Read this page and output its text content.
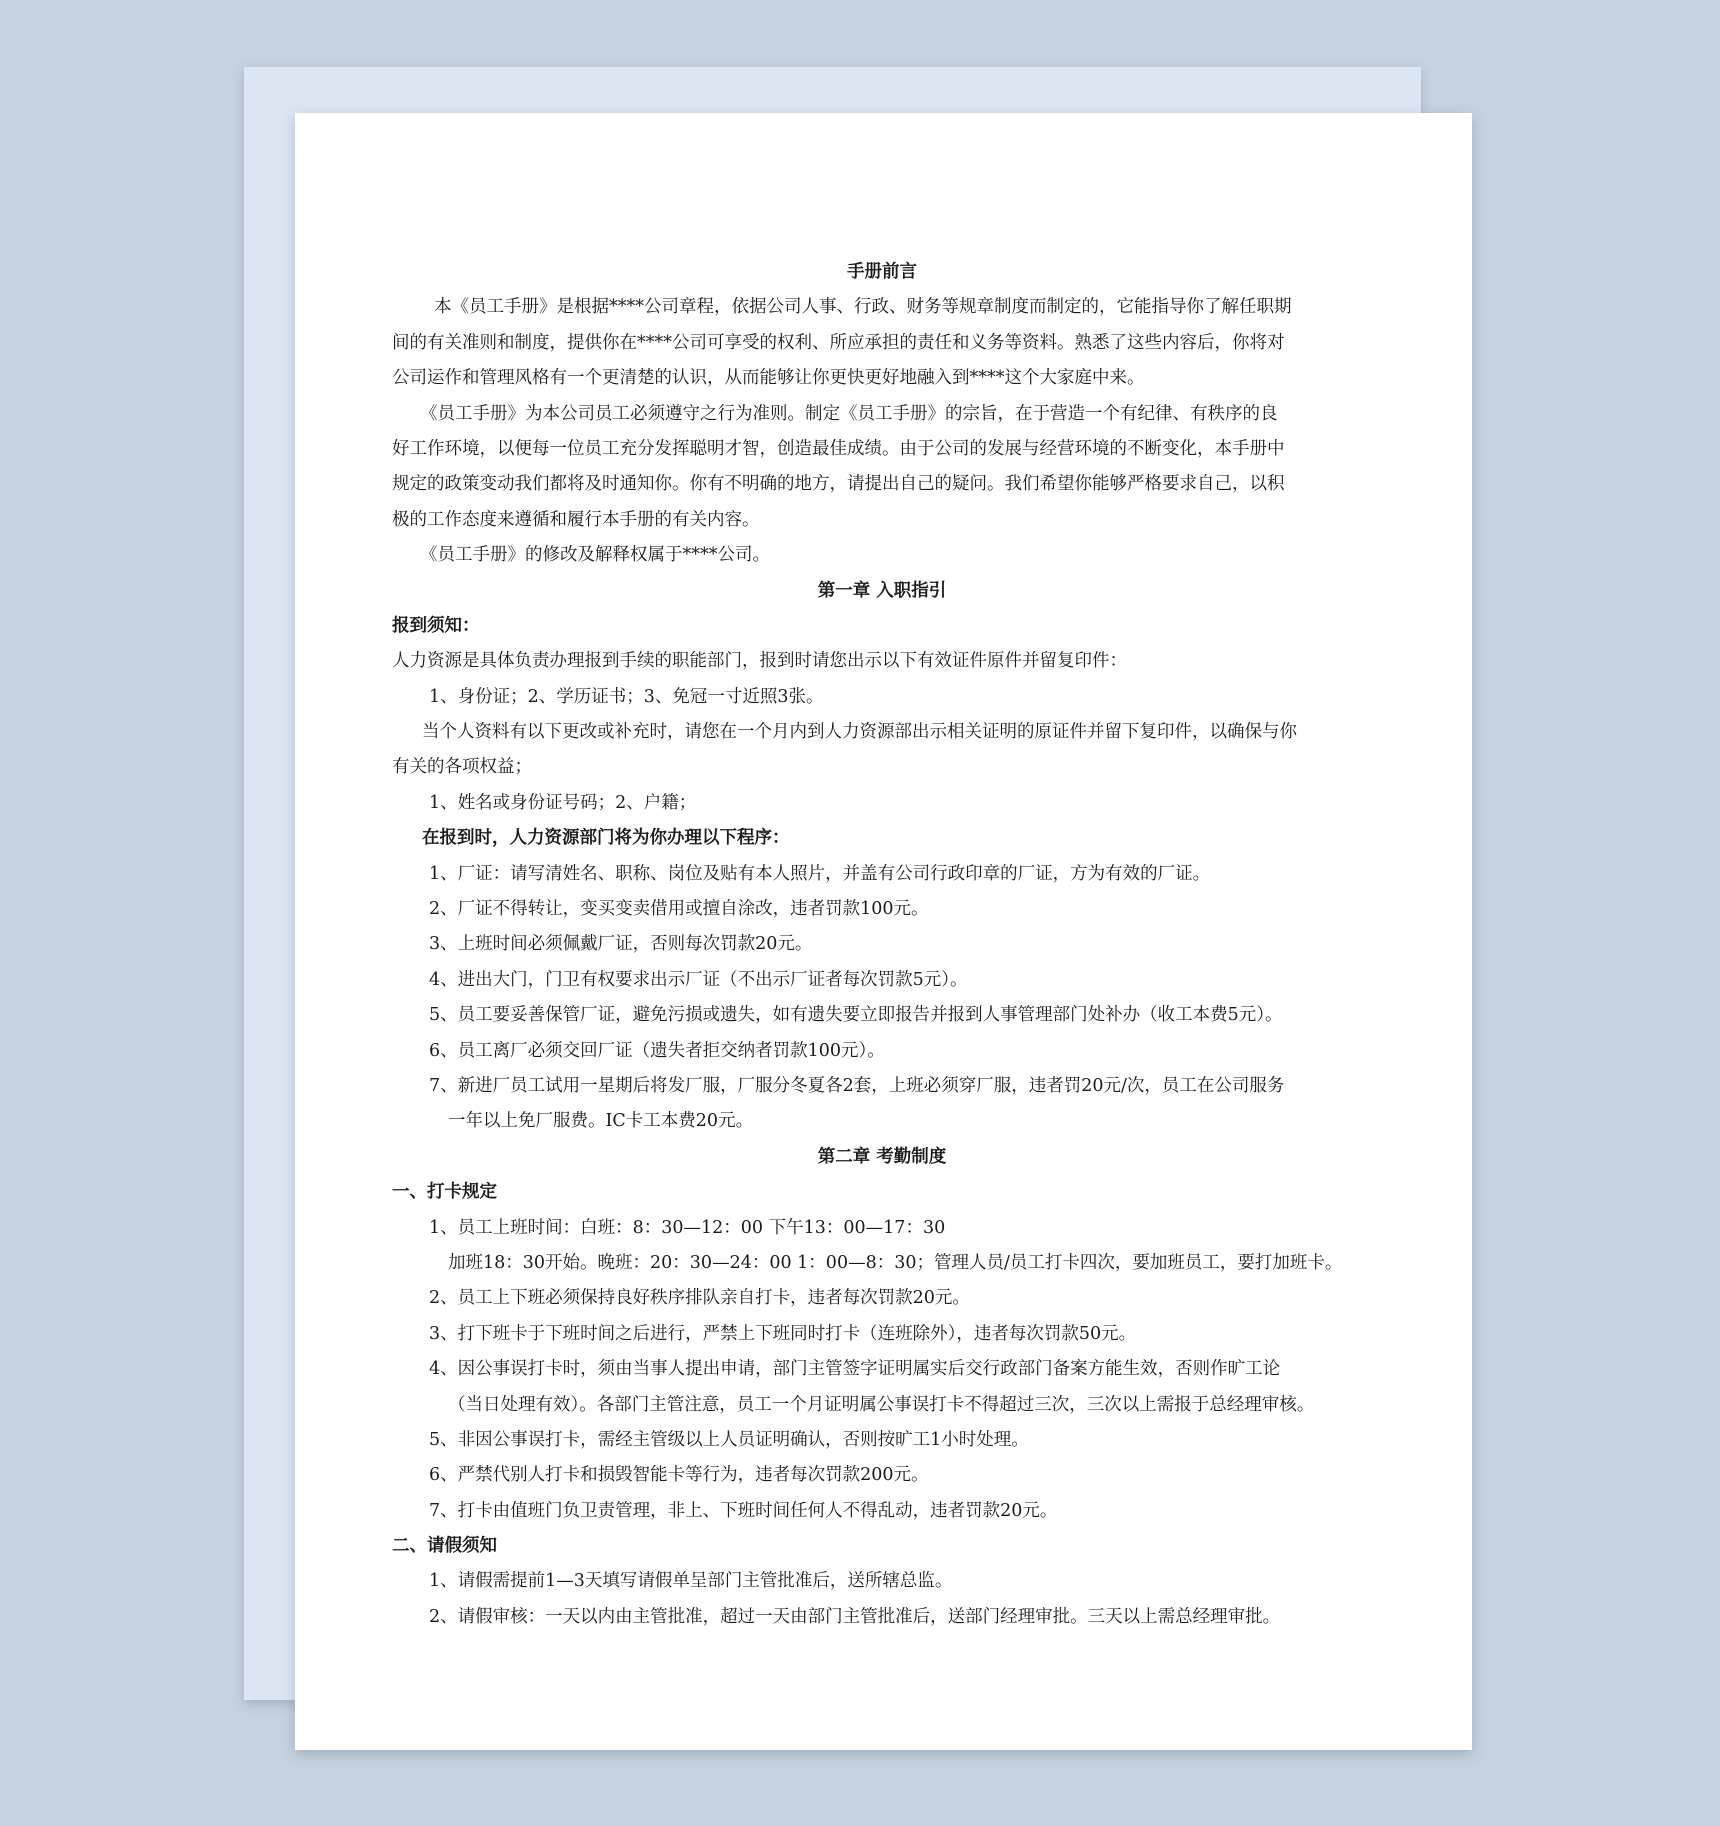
手册前言
本《员工手册》是根据****公司章程，依据公司人事、行政、财务等规章制度而制定的，它能指导你了解任职期
间的有关准则和制度，提供你在****公司可享受的权利、所应承担的责任和义务等资料。熟悉了这些内容后，你将对
公司运作和管理风格有一个更清楚的认识，从而能够让你更快更好地融入到****这个大家庭中来。
《员工手册》为本公司员工必须遵守之行为准则。制定《员工手册》的宗旨，在于营造一个有纪律、有秩序的良
好工作环境，以便每一位员工充分发挥聪明才智，创造最佳成绩。由于公司的发展与经营环境的不断变化，本手册中
规定的政策变动我们都将及时通知你。你有不明确的地方，请提出自己的疑问。我们希望你能够严格要求自己，以积
极的工作态度来遵循和履行本手册的有关内容。
《员工手册》的修改及解释权属于****公司。
第一章 入职指引
报到须知：
人力资源是具体负责办理报到手续的职能部门，报到时请您出示以下有效证件原件并留复印件：
1、身份证；2、学历证书；3、免冠一寸近照3张。
当个人资料有以下更改或补充时，请您在一个月内到人力资源部出示相关证明的原证件并留下复印件，以确保与你
有关的各项权益；
1、姓名或身份证号码；2、户籍；
在报到时，人力资源部门将为你办理以下程序：
1、厂证：请写清姓名、职称、岗位及贴有本人照片，并盖有公司行政印章的厂证，方为有效的厂证。
2、厂证不得转让，变买变卖借用或擅自涂改，违者罚款100元。
3、上班时间必须佩戴厂证，否则每次罚款20元。
4、进出大门，门卫有权要求出示厂证（不出示厂证者每次罚款5元）。
5、员工要妥善保管厂证，避免污损或遗失，如有遗失要立即报告并报到人事管理部门处补办（收工本费5元）。
6、员工离厂必须交回厂证（遗失者拒交纳者罚款100元）。
7、新进厂员工试用一星期后将发厂服，厂服分冬夏各2套，上班必须穿厂服，违者罚20元/次，员工在公司服务
一年以上免厂服费。IC卡工本费20元。
第二章 考勤制度
一、打卡规定
1、员工上班时间：白班：8：30—12：00 下午13：00—17：30
加班18：30开始。晚班：20：30—24：00 1：00—8：30；管理人员/员工打卡四次，要加班员工，要打加班卡。
2、员工上下班必须保持良好秩序排队亲自打卡，违者每次罚款20元。
3、打下班卡于下班时间之后进行，严禁上下班同时打卡（连班除外），违者每次罚款50元。
4、因公事误打卡时，须由当事人提出申请，部门主管签字证明属实后交行政部门备案方能生效，否则作旷工论
（当日处理有效）。各部门主管注意，员工一个月证明属公事误打卡不得超过三次，三次以上需报于总经理审核。
5、非因公事误打卡，需经主管级以上人员证明确认，否则按旷工1小时处理。
6、严禁代别人打卡和损毁智能卡等行为，违者每次罚款200元。
7、打卡由值班门负卫责管理，非上、下班时间任何人不得乱动，违者罚款20元。
二、请假须知
1、请假需提前1—3天填写请假单呈部门主管批准后，送所辖总监。
2、请假审核：一天以内由主管批准，超过一天由部门主管批准后，送部门经理审批。三天以上需总经理审批。
